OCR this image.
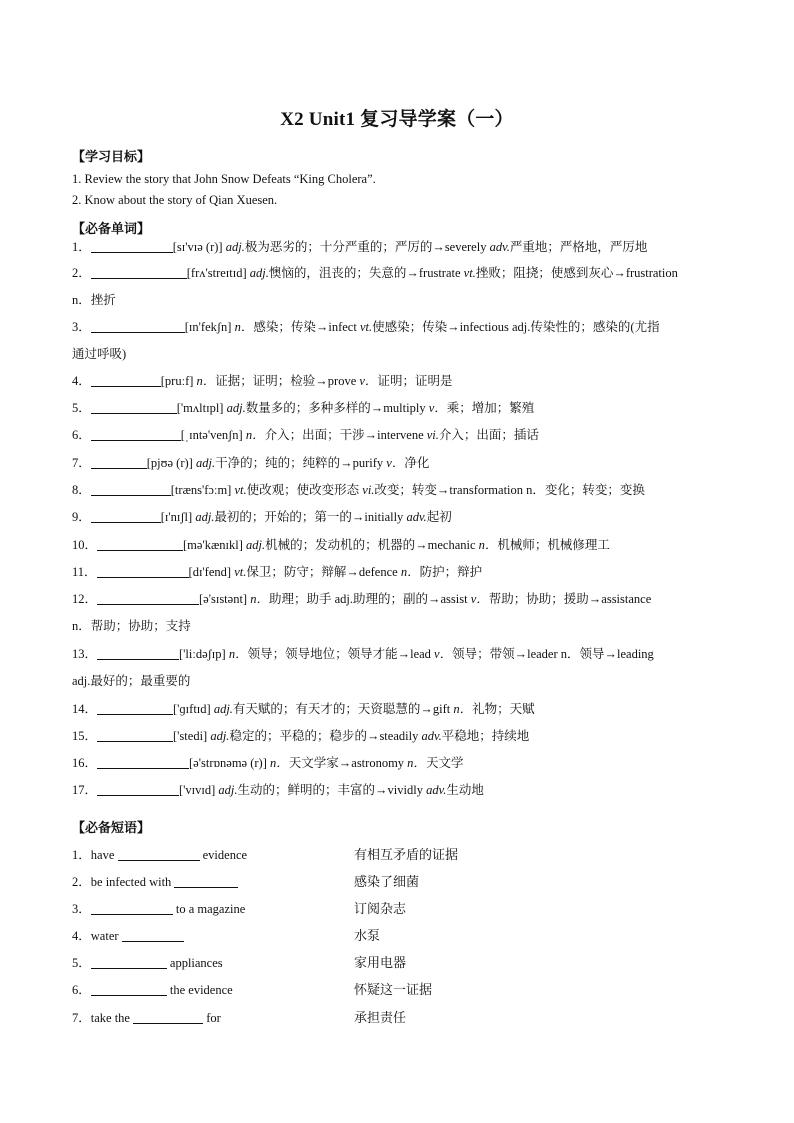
X2 Unit1 复习导学案（一）
【学习目标】
1. Review the story that John Snow Defeats “King Cholera”.
2. Know about the story of Qian Xuesen.
【必备单词】
1．	[sɪ'vɪə (r)] adj.极为恶劣的；十分严重的；严厉的→severely adv.严重地；严格地，严厉地
2．	[frʌ'streɪtɪd] adj.懊恼的，沮丧的；失意的→frustrate vt.挫败；阻挠；使感到灰心→frustration
n．挫折
3．	[ɪn'fekʃn] n．感染；传染→infect vt.使感染；传染→infectious adj.传染性的；感染的(尤指
通过呼吸)
4．	[pruːf] n．证据；证明；检验→prove v．证明；证明是
5．	['mʌltɪpl] adj.数量多的；多种多样的→multiply v．乘；增加；繁殖
6．	[ˌɪntə'venʃn] n．介入；出面；干涉→intervene vi.介入；出面；插话
7．	[pjʊə (r)] adj.干净的；纯的；纯粹的→purify v．净化
8．	[træns'fɔːm] vt.使改观；使改变形态 vi.改变；转变→transformation n．变化；转变；变换
9．	[ɪ'nɪʃl] adj.最初的；开始的；第一的→initially adv.起初
10．	[mə'kænɪkl] adj.机械的；发动机的；机器的→mechanic n．机械师；机械修理工
11．	[dɪ'fend] vt.保卫；防守；辩解→defence n．防护；辩护
12．	[ə'sɪstənt] n．助理；助手 adj.助理的；副的→assist v．帮助；协助；援助→assistance
n．帮助；协助；支持
13．	['liːdəʃɪp] n．领导；领导地位；领导才能→lead v．领导；带领→leader n．领导→leading
adj.最好的；最重要的
14．	['ɡɪftɪd] adj.有天赋的；有天才的；天资聪慧的→gift n．礼物；天赋
15．	['stedi] adj.稳定的；平稳的；稳步的→steadily adv.平稳地；持续地
16．	[ə'strɒnəmə (r)] n．天文学家→astronomy n．天文学
17．	['vɪvɪd] adj.生动的；鲜明的；丰富的→vividly adv.生动地
【必备短语】
1．have	evidence	有相互矛盾的证据
2．be infected with	感染了细菌
3．	to a magazine	订阅杂志
4．water	水泵
5．	appliances	家用电器
6．	the evidence	怀疑这一证据
7．take the	for	承担责任
